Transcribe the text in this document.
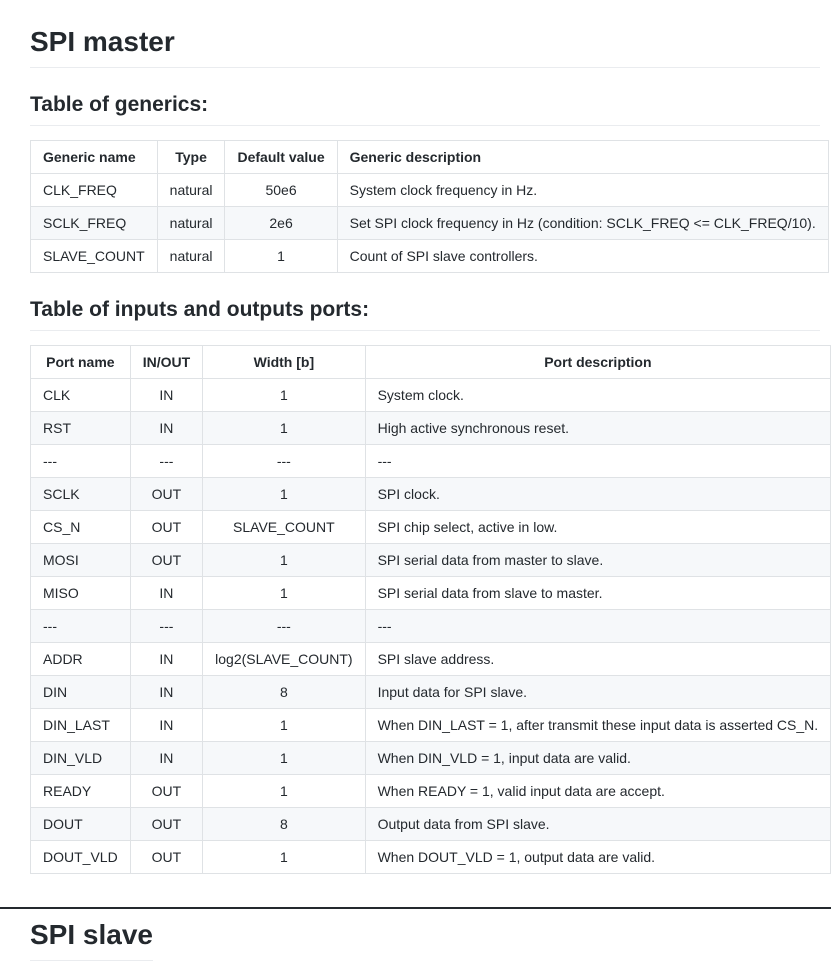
SPI master
Table of generics:
Generic name	Type	Default value	Generic description
CLK_FREQ	natural	50e6	System clock frequency in Hz.
SCLK_FREQ	natural	2e6	Set SPI clock frequency in Hz (condition: SCLK_FREQ <= CLK_FREQ/10).
SLAVE_COUNT	natural	1	Count of SPI slave controllers.
Table of inputs and outputs ports:
Port name	IN/OUT	Width [b]	Port description
CLK	IN	1	System clock.
RST	IN	1	High active synchronous reset.
---	---	---	---
SCLK	OUT	1	SPI clock.
CS_N	OUT	SLAVE_COUNT	SPI chip select, active in low.
MOSI	OUT	1	SPI serial data from master to slave.
MISO	IN	1	SPI serial data from slave to master.
---	---	---	---
ADDR	IN	log2(SLAVE_COUNT)	SPI slave address.
DIN	IN	8	Input data for SPI slave.
DIN_LAST	IN	1	When DIN_LAST = 1, after transmit these input data is asserted CS_N.
DIN_VLD	IN	1	When DIN_VLD = 1, input data are valid.
READY	OUT	1	When READY = 1, valid input data are accept.
DOUT	OUT	8	Output data from SPI slave.
DOUT_VLD	OUT	1	When DOUT_VLD = 1, output data are valid.
SPI slave
